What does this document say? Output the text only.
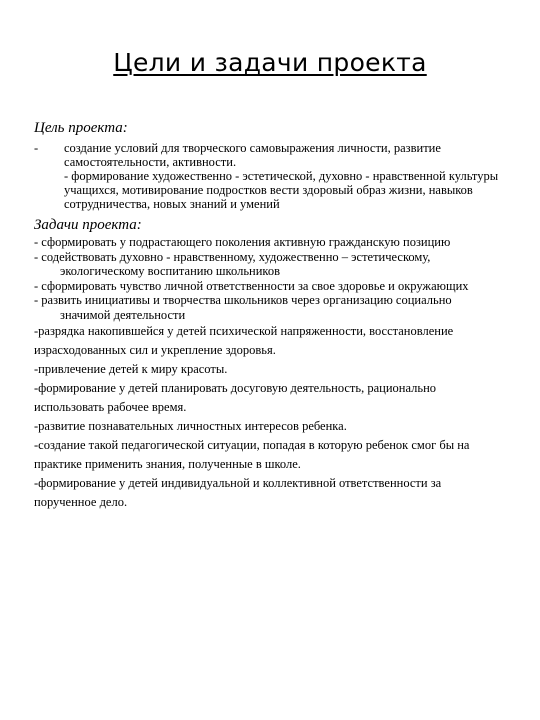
Цели и задачи проекта
Цель проекта:
-	создание условий для творческого самовыражения личности, развитие самостоятельности, активности.
- формирование художественно - эстетической, духовно - нравственной культуры учащихся, мотивирование подростков вести здоровый образ жизни, навыков сотрудничества, новых знаний и умений
Задачи проекта:

- сформировать у подрастающего поколения активную гражданскую позицию

- содействовать духовно - нравственному, художественно – эстетическому, экологическому воспитанию школьников

- сформировать чувство личной ответственности за свое здоровье и окружающих

- развить инициативы и творчества школьников через организацию социально значимой деятельности

-разрядка накопившейся у детей психической напряженности, восстановление израсходованных сил и укрепление здоровья.

-привлечение детей к миру красоты.

-формирование у детей планировать досуговую деятельность, рационально использовать рабочее время.

-развитие познавательных личностных интересов ребенка.

-создание такой педагогической ситуации, попадая в которую ребенок смог бы на практике применить знания, полученные в школе.

-формирование у детей индивидуальной и коллективной ответственности за порученное дело.
